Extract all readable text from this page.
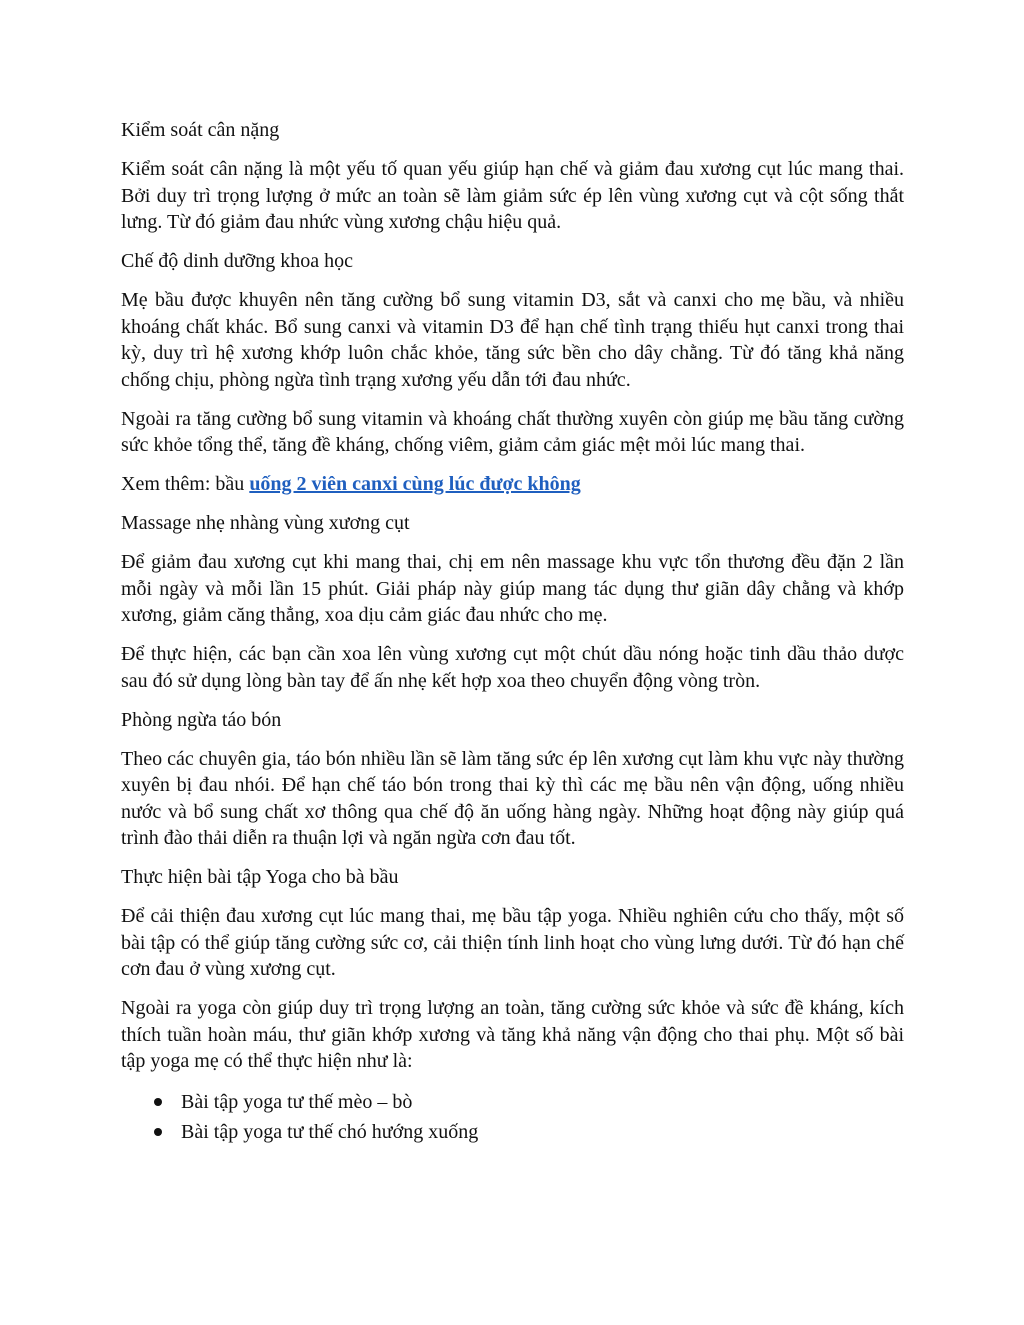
Kiểm soát cân nặng

Kiểm soát cân nặng là một yếu tố quan yếu giúp hạn chế và giảm đau xương cụt lúc mang thai. Bởi duy trì trọng lượng ở mức an toàn sẽ làm giảm sức ép lên vùng xương cụt và cột sống thắt lưng. Từ đó giảm đau nhức vùng xương chậu hiệu quả.

Chế độ dinh dưỡng khoa học

Mẹ bầu được khuyên nên tăng cường bổ sung vitamin D3, sắt và canxi cho mẹ bầu, và nhiều khoáng chất khác. Bổ sung canxi và vitamin D3 để hạn chế tình trạng thiếu hụt canxi trong thai kỳ, duy trì hệ xương khớp luôn chắc khỏe, tăng sức bền cho dây chằng. Từ đó tăng khả năng chống chịu, phòng ngừa tình trạng xương yếu dẫn tới đau nhức.

Ngoài ra tăng cường bổ sung vitamin và khoáng chất thường xuyên còn giúp mẹ bầu tăng cường sức khỏe tổng thể, tăng đề kháng, chống viêm, giảm cảm giác mệt mỏi lúc mang thai.

Xem thêm: bầu uống 2 viên canxi cùng lúc được không

Massage nhẹ nhàng vùng xương cụt

Để giảm đau xương cụt khi mang thai, chị em nên massage khu vực tổn thương đều đặn 2 lần mỗi ngày và mỗi lần 15 phút. Giải pháp này giúp mang tác dụng thư giãn dây chằng và khớp xương, giảm căng thẳng, xoa dịu cảm giác đau nhức cho mẹ.

Để thực hiện, các bạn cần xoa lên vùng xương cụt một chút dầu nóng hoặc tinh dầu thảo dược sau đó sử dụng lòng bàn tay để ấn nhẹ kết hợp xoa theo chuyển động vòng tròn.

Phòng ngừa táo bón

Theo các chuyên gia, táo bón nhiều lần sẽ làm tăng sức ép lên xương cụt làm khu vực này thường xuyên bị đau nhói. Để hạn chế táo bón trong thai kỳ thì các mẹ bầu nên vận động, uống nhiều nước và bổ sung chất xơ thông qua chế độ ăn uống hàng ngày. Những hoạt động này giúp quá trình đào thải diễn ra thuận lợi và ngăn ngừa cơn đau tốt.

Thực hiện bài tập Yoga cho bà bầu

Để cải thiện đau xương cụt lúc mang thai, mẹ bầu tập yoga. Nhiều nghiên cứu cho thấy, một số bài tập có thể giúp tăng cường sức cơ, cải thiện tính linh hoạt cho vùng lưng dưới. Từ đó hạn chế cơn đau ở vùng xương cụt.

Ngoài ra yoga còn giúp duy trì trọng lượng an toàn, tăng cường sức khỏe và sức đề kháng, kích thích tuần hoàn máu, thư giãn khớp xương và tăng khả năng vận động cho thai phụ. Một số bài tập yoga mẹ có thể thực hiện như là:

Bài tập yoga tư thế mèo – bò
Bài tập yoga tư thế chó hướng xuống
